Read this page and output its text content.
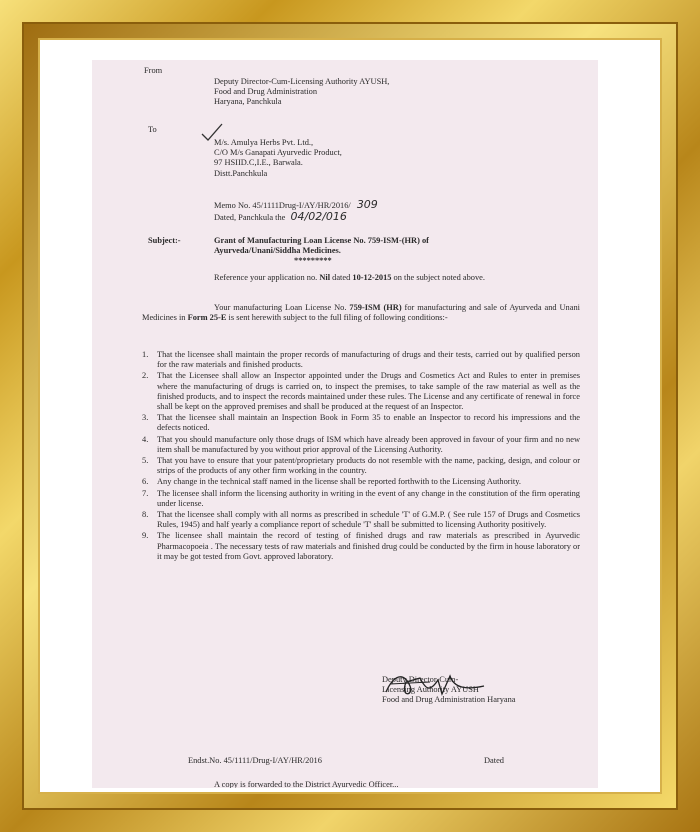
From
Deputy Director-Cum-Licensing Authority AYUSH,
Food and Drug Administration
Haryana, Panchkula
To
M/s. Amulya Herbs Pvt. Ltd.,
C/O M/s Ganapati Ayurvedic Product,
97 HSIID.C,I.E., Barwala.
Distt.Panchkula
Memo No. 45/1111Drug-I/AY/HR/2016/ 309
Dated, Panchkula the 04/02/016
Subject:-	Grant of Manufacturing Loan License No. 759-ISM-(HR) of
Ayurveda/Unani/Siddha Medicines.
*********
Reference your application no. Nil dated 10-12-2015 on the subject noted above.
Your manufacturing Loan License No. 759-ISM (HR) for manufacturing and sale of Ayurveda and Unani Medicines in Form 25-E is sent herewith subject to the full filing of following conditions:-
1. That the licensee shall maintain the proper records of manufacturing of drugs and their tests, carried out by qualified person for the raw materials and finished products.
2. That the Licensee shall allow an Inspector appointed under the Drugs and Cosmetics Act and Rules to enter in premises where the manufacturing of drugs is carried on, to inspect the premises, to take sample of the raw material as well as the finished products, and to inspect the records maintained under these rules. The License and any certificate of renewal in force shall be kept on the approved premises and shall be produced at the request of an Inspector.
3. That the licensee shall maintain an Inspection Book in Form 35 to enable an Inspector to record his impressions and the defects noticed.
4. That you should manufacture only those drugs of ISM which have already been approved in favour of your firm and no new item shall be manufactured by you without prior approval of the Licensing Authority.
5. That you have to ensure that your patent/proprietary products do not resemble with the name, packing, design, and colour or strips of the products of any other firm working in the country.
6. Any change in the technical staff named in the license shall be reported forthwith to the Licensing Authority.
7. The licensee shall inform the licensing authority in writing in the event of any change in the constitution of the firm operating under license.
8. That the licensee shall comply with all norms as prescribed in schedule 'T' of G.M.P. ( See rule 157 of Drugs and Cosmetics Rules, 1945) and half yearly a compliance report of schedule 'T' shall be submitted to licensing Authority positively.
9. The licensee shall maintain the record of testing of finished drugs and raw materials as prescribed in Ayurvedic Pharmacopoeia . The necessary tests of raw materials and finished drug could be conducted by the firm in house laboratory or it may be got tested from Govt. approved laboratory.
Deputy Director-Cum-
Licensing Authority AYUSH
Food and Drug Administration Haryana
Endst.No. 45/1111/Drug-I/AY/HR/2016	Dated
A copy is forwarded to the District Ayurvedic Officer...
